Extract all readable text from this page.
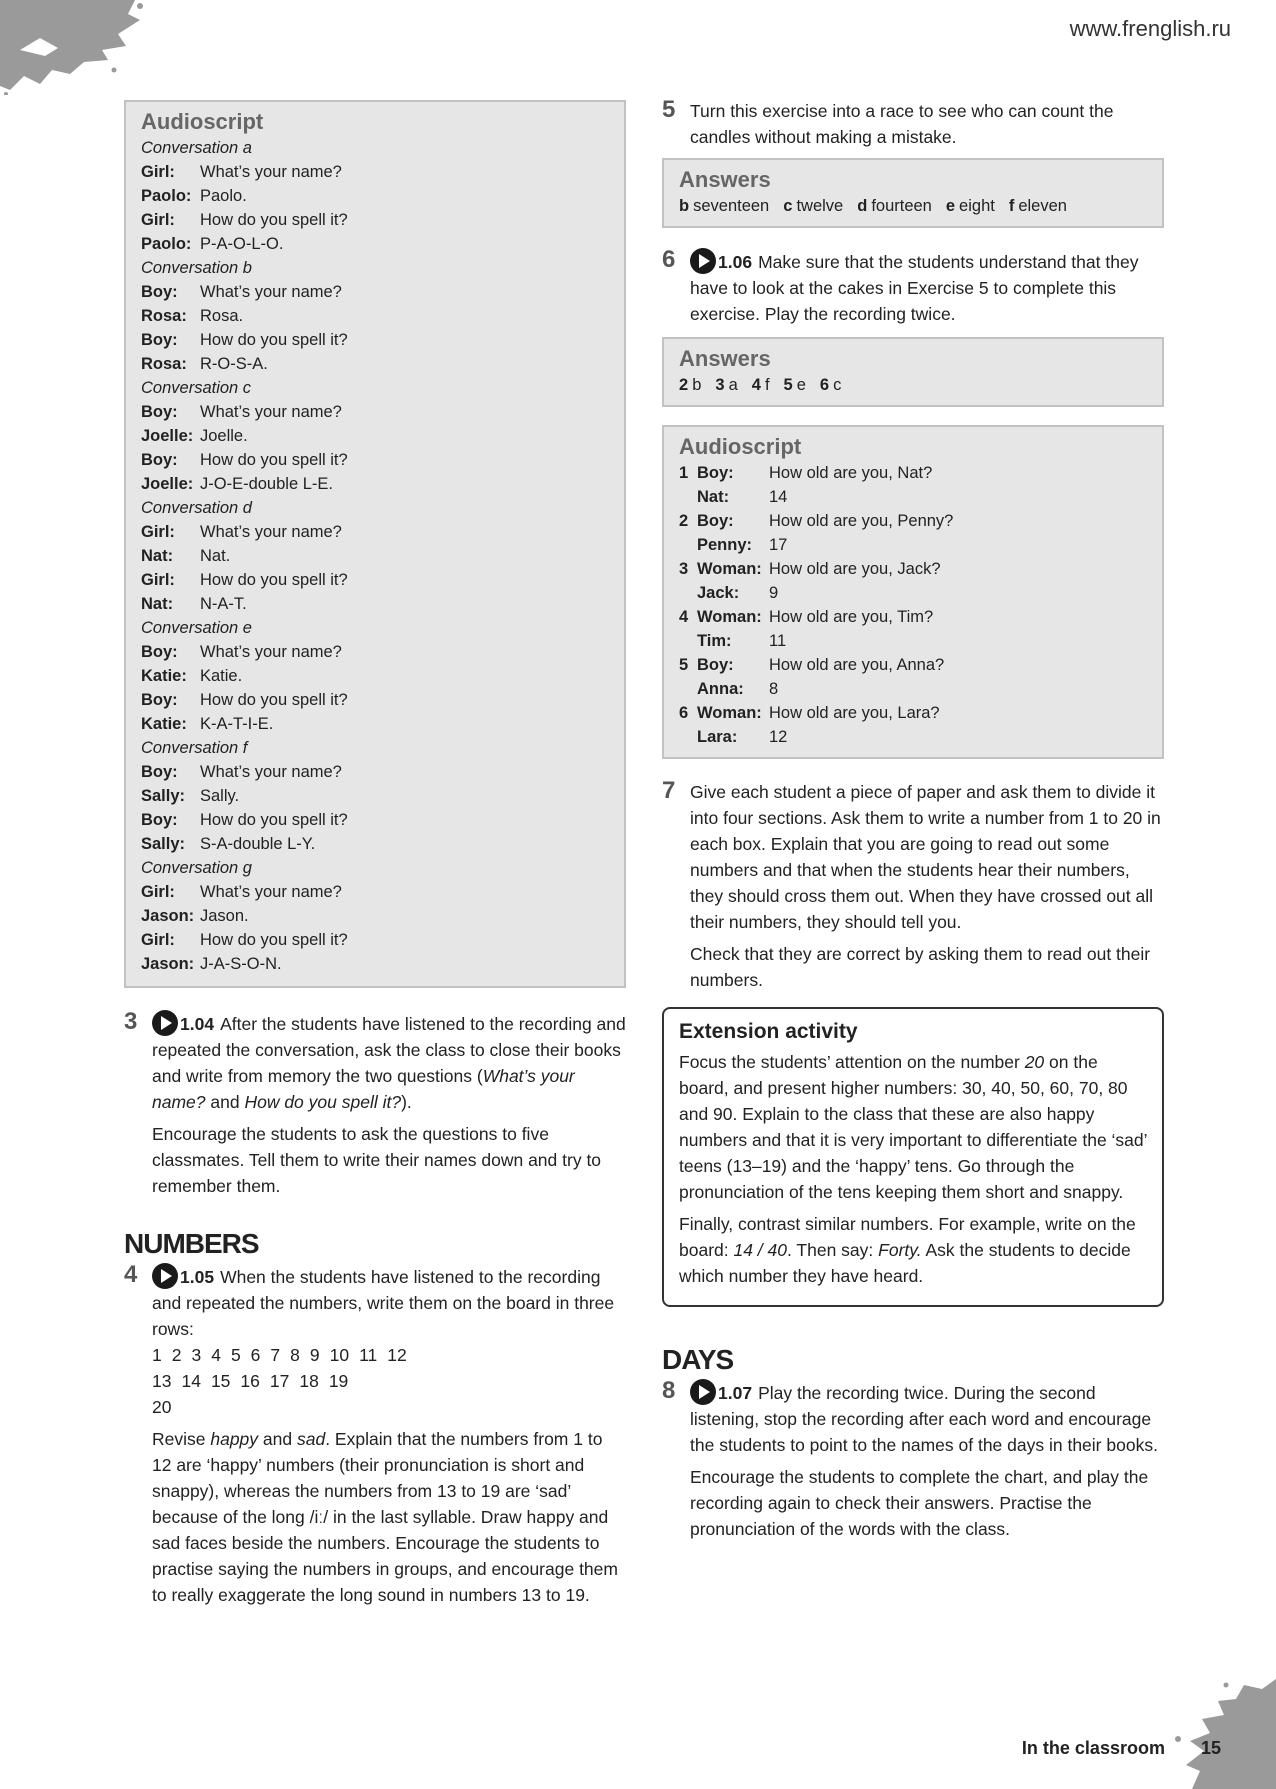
www.frenglish.ru
Audioscript
Conversation a
Girl:	What’s your name?
Paolo: Paolo.
Girl:	How do you spell it?
Paolo: P-A-O-L-O.
Conversation b
Boy:	What’s your name?
Rosa: Rosa.
Boy:	How do you spell it?
Rosa: R-O-S-A.
Conversation c
Boy:	What’s your name?
Joelle: Joelle.
Boy:	How do you spell it?
Joelle: J-O-E-double L-E.
Conversation d
Girl:	What’s your name?
Nat:	Nat.
Girl:	How do you spell it?
Nat:	N-A-T.
Conversation e
Boy:	What’s your name?
Katie: Katie.
Boy:	How do you spell it?
Katie: K-A-T-I-E.
Conversation f
Boy:	What’s your name?
Sally: Sally.
Boy:	How do you spell it?
Sally: S-A-double L-Y.
Conversation g
Girl:	What’s your name?
Jason: Jason.
Girl:	How do you spell it?
Jason: J-A-S-O-N.
3	1.04 After the students have listened to the recording and repeated the conversation, ask the class to close their books and write from memory the two questions (What’s your name? and How do you spell it?).

Encourage the students to ask the questions to five classmates. Tell them to write their names down and try to remember them.

NUMBERS
4	1.05 When the students have listened to the recording and repeated the numbers, write them on the board in three rows:

1 2 3 4 5 6 7 8 9 10 11 12
13 14 15 16 17 18 19
20

Revise happy and sad. Explain that the numbers from 1 to 12 are ‘happy’ numbers (their pronunciation is short and snappy), whereas the numbers from 13 to 19 are ‘sad’ because of the long /iː/ in the last syllable. Draw happy and sad faces beside the numbers. Encourage the students to practise saying the numbers in groups, and encourage them to really exaggerate the long sound in numbers 13 to 19.

5 Turn this exercise into a race to see who can count the candles without making a mistake.

Answers
b seventeen c twelve d fourteen e eight f eleven
6	1.06 Make sure that the students understand that they have to look at the cakes in Exercise 5 to complete this exercise. Play the recording twice.

Answers
2 b 3 a 4 f 5 e 6 c
Audioscript
1 Boy:	How old are you, Nat?
Nat:	14
2 Boy:	How old are you, Penny?
Penny:	17
3 Woman: How old are you, Jack?
Jack:	9
4 Woman: How old are you, Tim?
Tim:	11
5 Boy:	How old are you, Anna?
Anna:	8
6 Woman: How old are you, Lara?
Lara:	12
7 Give each student a piece of paper and ask them to divide it into four sections. Ask them to write a number from 1 to 20 in each box. Explain that you are going to read out some numbers and that when the students hear their numbers, they should cross them out. When they have crossed out all their numbers, they should tell you.

Check that they are correct by asking them to read out their numbers.

Extension activity

Focus the students’ attention on the number 20 on the board, and present higher numbers: 30, 40, 50, 60, 70, 80 and 90. Explain to the class that these are also happy numbers and that it is very important to differentiate the ‘sad’ teens (13–19) and the ‘happy’ tens. Go through the pronunciation of the tens keeping them short and snappy.

Finally, contrast similar numbers. For example, write on the board: 14 / 40. Then say: Forty. Ask the students to decide which number they have heard.

DAYS
8	1.07 Play the recording twice. During the second listening, stop the recording after each word and encourage the students to point to the names of the days in their books.

Encourage the students to complete the chart, and play the recording again to check their answers. Practise the pronunciation of the words with the class.

In the classroom 15
